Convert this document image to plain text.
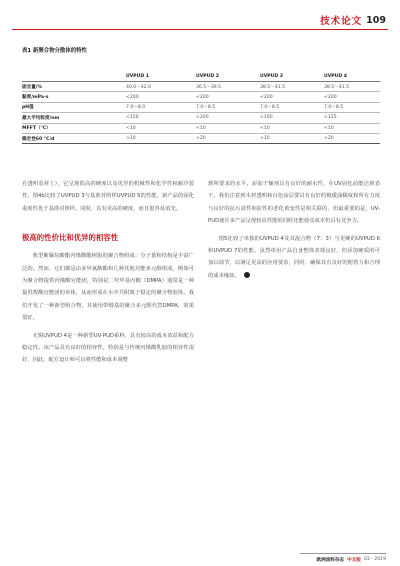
技术论文 109
表1 新聚合物分散体的特性
	UVPUD 1	UVPUD 2	UVPUD 3	UVPUD 4
固含量/%	40.0～42.0	36.5～39.5	38.5～41.5	38.5～41.5
黏度/mPa·s	<200	<200	<200	<200
pH值	7.0～8.0	7.0～8.5	7.0～8.5	7.0～8.5
最大平均粒度/nm	<150	<200	<100	<125
MFFT（°C）	<10	<10	<10	<10
稳定性60 °C/d	>10	>20	>10	>20

在透明基材上），它呈现很高的硬度以及优异的机械性和化学性和耐冷裂性，图4b比较了UVPUD 3与基准对照样UVPUD 5的性能，新产品的固化重度性优于基准对照样。同时，具有更高的硬度，而且很容易消光。

极高的性价比和优异的相容性

典型紫脲烷酸酯丙烯酸酯树脂的聚合物组成：分子量和结构是丰富广泛的。然而，它们都是由多异氰酸酯和几种其他功能多元醇组成，例如可为聚合物提供丙烯酸官能团，特别是二羟甲基丙酸（DMPA）通常是一种提供羧酸官能团的单体，从而形成在水中共附离子稳定的聚合物胶体。我们开发了一种新型组合物，其使用带缎基的聚合多元醇代替DMPA，效果很好。

无锡UVPUD 4是一种新型UV-PUD系料，具有较高的成本效益和配方稳定性。该产品具有良好的相容性，特别是与传统丙烯酸乳胶的相容性很好，因此，配方设计师可以将性能和成本调整

到所要求的水平。添加干燥剂具有良好的耐水性，在UV固化前能达到表干。我们注意到木材透明和白色涂层要具有良好的极缓涌稀度和所有力度与良好的抗污渍性和抗性的老化黄变性是相关联的，但最重要的是，UV-PUD使许多产品呈现较高性能的同时还能使其成本仍具有竞争力。

图5比较了单独的UVPUD 4及其混合物（7：3）与更硬的UVPUD 6和UVPUD 7的性能。虽然单用产品自身整体表现良好，但添加硬质的可加以调节，以满足更高的应用要求，同时，确保其有良好的附着力和合理的成本缘却。	◆

欧洲涂料杂志 中文版 03 - 2019
